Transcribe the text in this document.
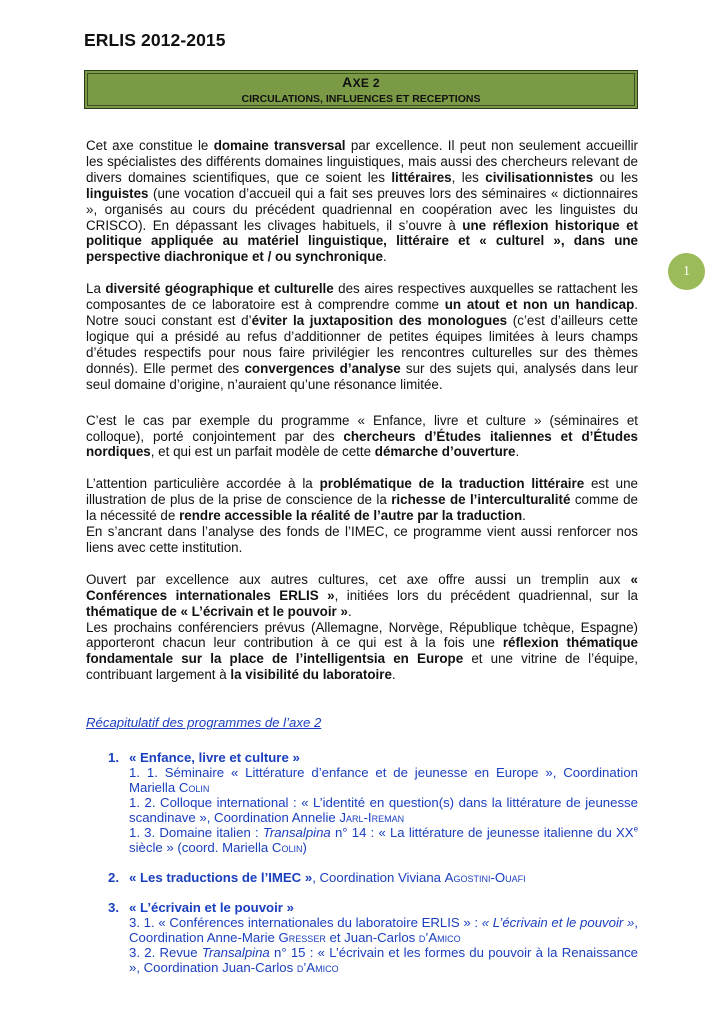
ERLIS 2012-2015
AXE 2
CIRCULATIONS, INFLUENCES ET RECEPTIONS
1

Cet axe constitue le domaine transversal par excellence. Il peut non seulement accueillir les spécialistes des différents domaines linguistiques, mais aussi des chercheurs relevant de divers domaines scientifiques, que ce soient les littéraires, les civilisationnistes ou les linguistes (une vocation d’accueil qui a fait ses preuves lors des séminaires « dictionnaires », organisés au cours du précédent quadriennal en coopération avec les linguistes du CRISCO). En dépassant les clivages habituels, il s’ouvre à une réflexion historique et politique appliquée au matériel linguistique, littéraire et « culturel », dans une perspective diachronique et / ou synchronique.

La diversité géographique et culturelle des aires respectives auxquelles se rattachent les composantes de ce laboratoire est à comprendre comme un atout et non un handicap. Notre souci constant est d’éviter la juxtaposition des monologues (c’est d’ailleurs cette logique qui a présidé au refus d’additionner de petites équipes limitées à leurs champs d’études respectifs pour nous faire privilégier les rencontres culturelles sur des thèmes donnés). Elle permet des convergences d’analyse sur des sujets qui, analysés dans leur seul domaine d’origine, n’auraient qu’une résonance limitée.

C’est le cas par exemple du programme « Enfance, livre et culture » (séminaires et colloque), porté conjointement par des chercheurs d’Études italiennes et d’Études nordiques, et qui est un parfait modèle de cette démarche d’ouverture.

L’attention particulière accordée à la problématique de la traduction littéraire est une illustration de plus de la prise de conscience de la richesse de l’interculturalité comme de la nécessité de rendre accessible la réalité de l’autre par la traduction.

En s’ancrant dans l’analyse des fonds de l’IMEC, ce programme vient aussi renforcer nos liens avec cette institution.

Ouvert par excellence aux autres cultures, cet axe offre aussi un tremplin aux « Conférences internationales ERLIS », initiées lors du précédent quadriennal, sur la thématique de « L’écrivain et le pouvoir ».

Les prochains conférenciers prévus (Allemagne, Norvège, République tchèque, Espagne) apporteront chacun leur contribution à ce qui est à la fois une réflexion thématique fondamentale sur la place de l’intelligentsia en Europe et une vitrine de l’équipe, contribuant largement à la visibilité du laboratoire.

Récapitulatif des programmes de l’axe 2
1. « Enfance, livre et culture »
1. 1. Séminaire « Littérature d’enfance et de jeunesse en Europe », Coordination Mariella Colin
1. 2. Colloque international : « L’identité en question(s) dans la littérature de jeunesse scandinave », Coordination Annelie Jarl-Ireman
1. 3. Domaine italien : Transalpina n° 14 : « La littérature de jeunesse italienne du XXe siècle » (coord. Mariella Colin)
2. « Les traductions de l’IMEC », Coordination Viviana Agostini-Ouafi
3. « L’écrivain et le pouvoir »
3. 1. « Conférences internationales du laboratoire ERLIS » : « L’écrivain et le pouvoir », Coordination Anne-Marie Gresser et Juan-Carlos d’Amico
3. 2. Revue Transalpina n° 15 : « L’écrivain et les formes du pouvoir à la Renaissance », Coordination Juan-Carlos d’Amico
